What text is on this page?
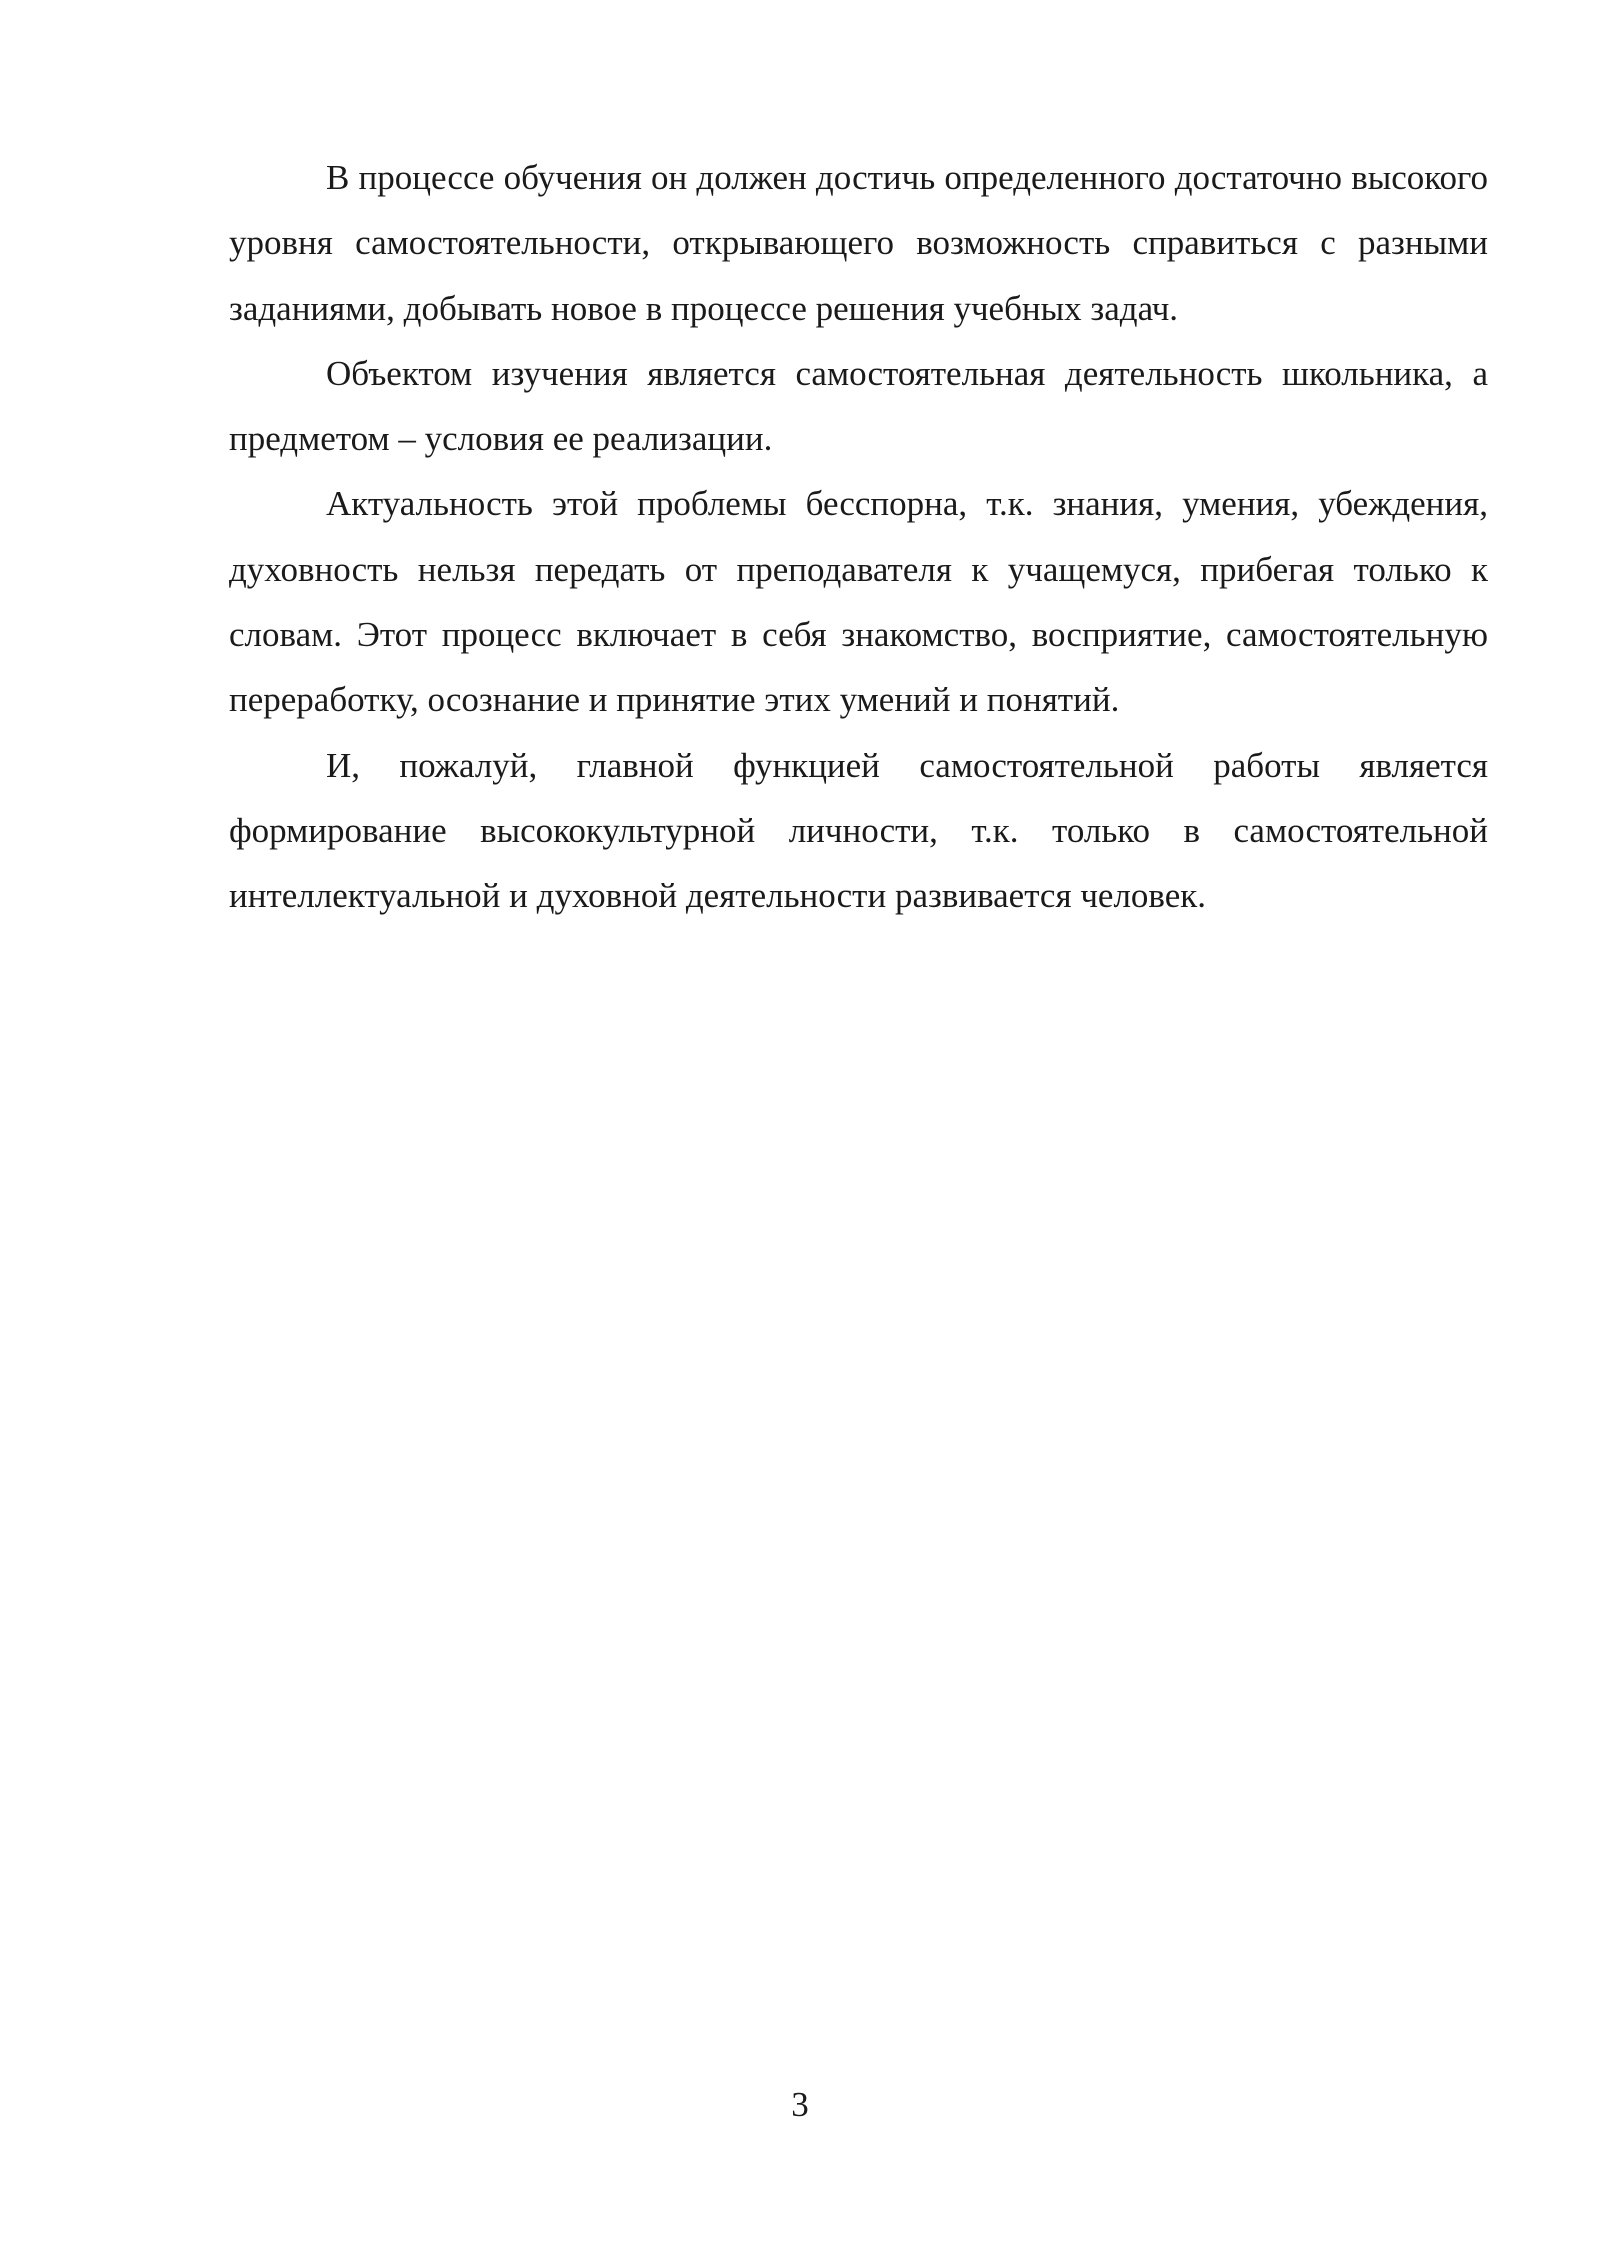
В процессе обучения он должен достичь определенного достаточно высокого уровня самостоятельности, открывающего возможность справиться с разными заданиями, добывать новое в процессе решения учебных задач.

Объектом изучения является самостоятельная деятельность школьника, а предметом – условия ее реализации.

Актуальность этой проблемы бесспорна, т.к. знания, умения, убеждения, духовность нельзя передать от преподавателя к учащемуся, прибегая только к словам. Этот процесс включает в себя знакомство, восприятие, самостоятельную переработку, осознание и принятие этих умений и понятий.

И, пожалуй, главной функцией самостоятельной работы является формирование высококультурной личности, т.к. только в самостоятельной интеллектуальной и духовной деятельности развивается человек.

3
